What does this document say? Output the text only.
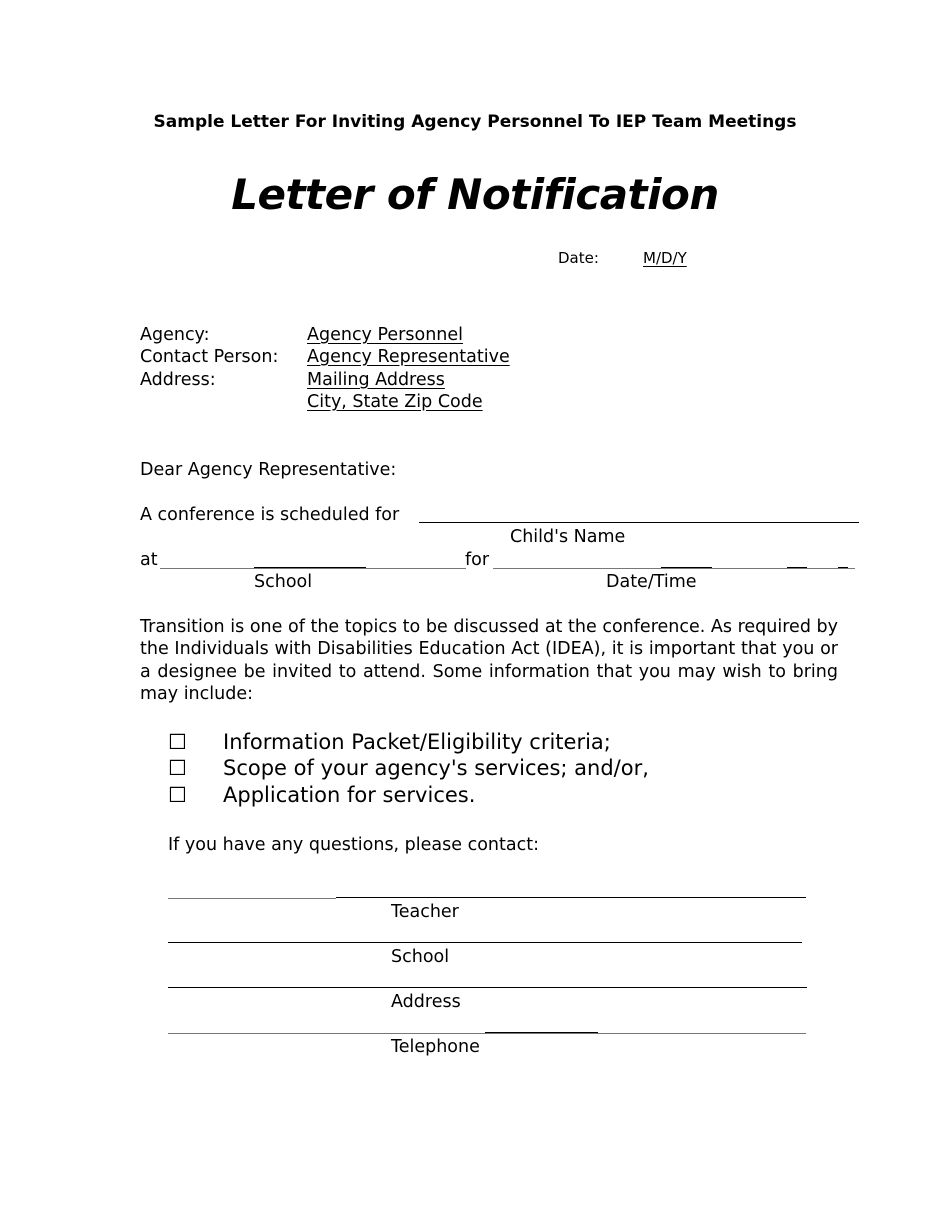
Sample Letter For Inviting Agency Personnel To IEP Team Meetings
Letter of Notification
Date:	M/D/Y
Agency:	Agency Personnel
Contact Person: Agency Representative
Address:	Mailing Address
City, State Zip Code
Dear Agency Representative:
A conference is scheduled for
Child's Name
at	for
School	Date/Time
Transition is one of the topics to be discussed at the conference. As required by the Individuals with Disabilities Education Act (IDEA), it is important that you or a designee be invited to attend. Some information that you may wish to bring may include:
☐ Information Packet/Eligibility criteria;
☐ Scope of your agency's services; and/or,
☐ Application for services.
If you have any questions, please contact:
Teacher
School
Address
Telephone
